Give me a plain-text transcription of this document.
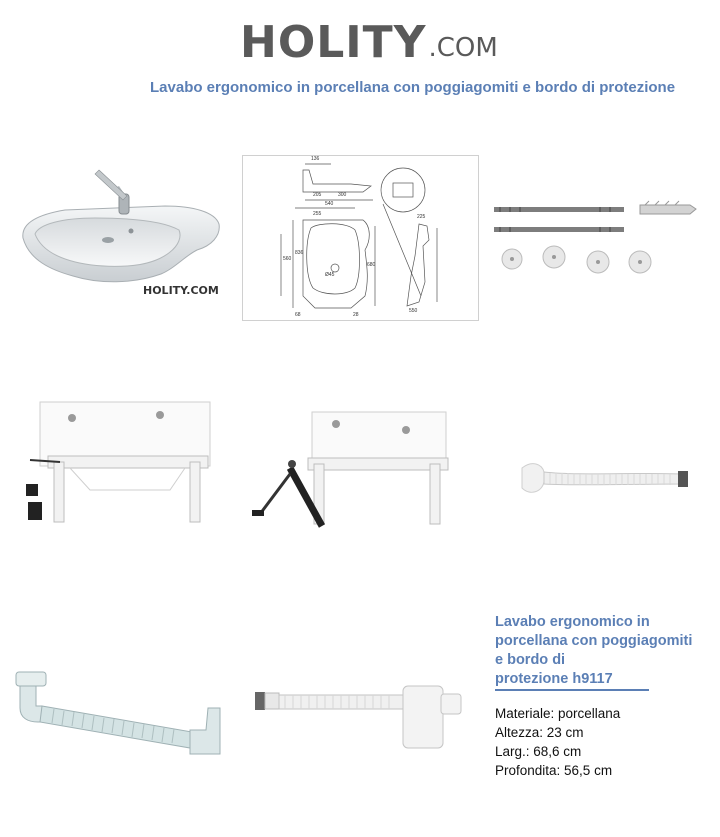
HOLITY .COM
Lavabo ergonomico in porcellana con poggiagomiti e bordo di protezione
HOLITY.COM
136
540
255
205	300
560
836
680
Ø45
225
550
68	28
Lavabo ergonomico in
porcellana con poggiagomiti
e bordo di
protezione h9117
Materiale: porcellana
Altezza: 23 cm
Larg.: 68,6 cm
Profondita: 56,5 cm
